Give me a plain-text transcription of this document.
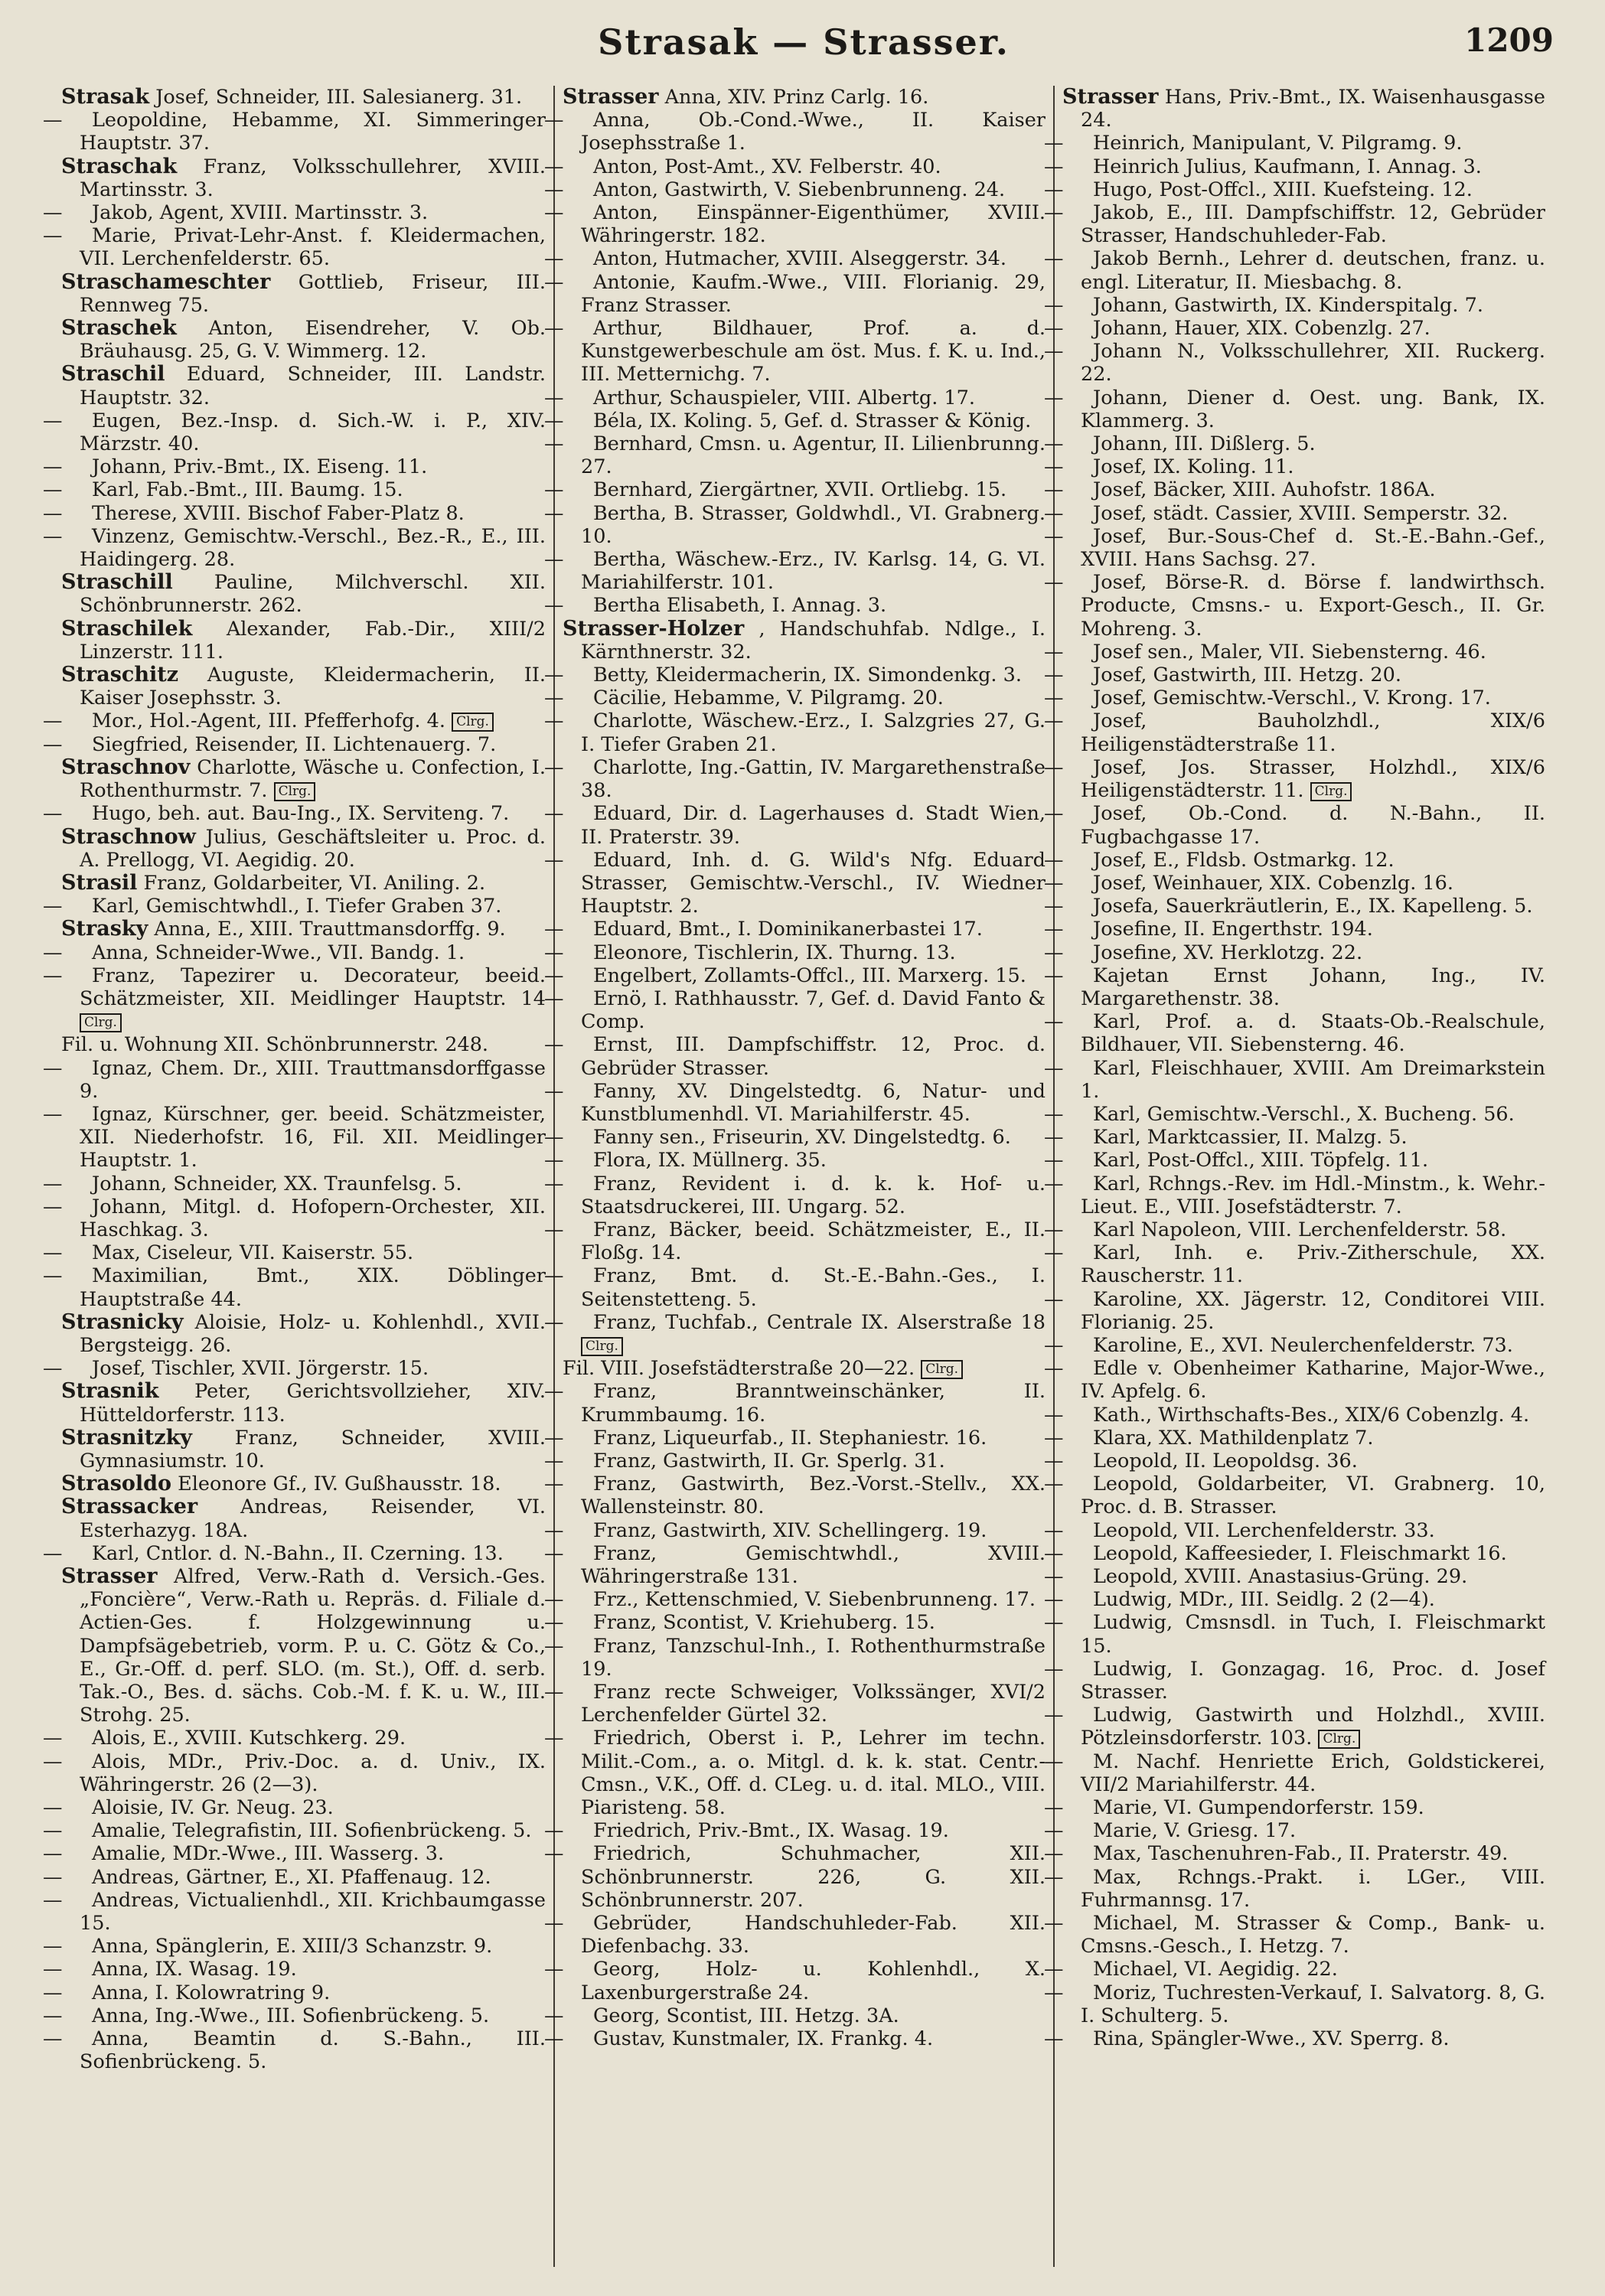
Strasak — Strasser.	1209
Strasak Josef, Schneider, III. Salesianerg. 31.
— Leopoldine, Hebamme, XI. Simmeringer Hauptstr. 37.
Straschak Franz, Volksschullehrer, XVIII. Martinsstr. 3.
— Jakob, Agent, XVIII. Martinsstr. 3.
— Marie, Privat-Lehr-Anst. f. Kleidermachen, VII. Lerchenfelderstr. 65.
Straschameschter Gottlieb, Friseur, III. Rennweg 75.
Straschek Anton, Eisendreher, V. Ob. Bräuhausg. 25, G. V. Wimmerg. 12.
Straschil Eduard, Schneider, III. Landstr. Hauptstr. 32.
— Eugen, Bez.-Insp. d. Sich.-W. i. P., XIV. Märzstr. 40.
— Johann, Priv.-Bmt., IX. Eiseng. 11.
— Karl, Fab.-Bmt., III. Baumg. 15.
— Therese, XVIII. Bischof Faber-Platz 8.
— Vinzenz, Gemischtw.-Verschl., Bez.-R., E., III. Haidingerg. 28.
Straschill Pauline, Milchverschl. XII. Schönbrunnerstr. 262.
Straschilek Alexander, Fab.-Dir., XIII/2 Linzerstr. 111.
Straschitz Auguste, Kleidermacherin, II. Kaiser Josephsstr. 3.
— Mor., Hol.-Agent, III. Pfefferhofg. 4. Clrg.
— Siegfried, Reisender, II. Lichtenauerg. 7.
Straschnov Charlotte, Wäsche u. Confection, I. Rothenthurmstr. 7. Clrg.
— Hugo, beh. aut. Bau-Ing., IX. Serviteng. 7.
Straschnow Julius, Geschäftsleiter u. Proc. d. A. Prellogg, VI. Aegidig. 20.
Strasil Franz, Goldarbeiter, VI. Aniling. 2.
— Karl, Gemischtwhdl., I. Tiefer Graben 37.
Strasky Anna, E., XIII. Trauttmansdorffg. 9.
— Anna, Schneider-Wwe., VII. Bandg. 1.
— Franz, Tapezirer u. Decorateur, beeid. Schätzmeister, XII. Meidlinger Hauptstr. 14 Clrg.
Fil. u. Wohnung XII. Schönbrunnerstr. 248.
— Ignaz, Chem. Dr., XIII. Trauttmansdorffgasse 9.
— Ignaz, Kürschner, ger. beeid. Schätzmeister, XII. Niederhofstr. 16, Fil. XII. Meidlinger Hauptstr. 1.
— Johann, Schneider, XX. Traunfelsg. 5.
— Johann, Mitgl. d. Hofopern-Orchester, XII. Haschkag. 3.
— Max, Ciseleur, VII. Kaiserstr. 55.
— Maximilian, Bmt., XIX. Döblinger Hauptstraße 44.
Strasnicky Aloisie, Holz- u. Kohlenhdl., XVII. Bergsteigg. 26.
— Josef, Tischler, XVII. Jörgerstr. 15.
Strasnik Peter, Gerichtsvollzieher, XIV. Hütteldorferstr. 113.
Strasnitzky Franz, Schneider, XVIII. Gymnasiumstr. 10.
Strasoldo Eleonore Gf., IV. Gußhausstr. 18.
Strassacker Andreas, Reisender, VI. Esterhazyg. 18A.
— Karl, Cntlor. d. N.-Bahn., II. Czerning. 13.
Strasser Alfred, Verw.-Rath d. Versich.-Ges. „Foncière“, Verw.-Rath u. Repräs. d. Filiale d. Actien-Ges. f. Holzgewinnung u. Dampfsägebetrieb, vorm. P. u. C. Götz & Co., E., Gr.-Off. d. perf. SLO. (m. St.), Off. d. serb. Tak.-O., Bes. d. sächs. Cob.-M. f. K. u. W., III. Strohg. 25.
— Alois, E., XVIII. Kutschkerg. 29.
— Alois, MDr., Priv.-Doc. a. d. Univ., IX. Währingerstr. 26 (2—3).
— Aloisie, IV. Gr. Neug. 23.
— Amalie, Telegrafistin, III. Sofienbrückeng. 5.
— Amalie, MDr.-Wwe., III. Wasserg. 3.
— Andreas, Gärtner, E., XI. Pfaffenaug. 12.
— Andreas, Victualienhdl., XII. Krichbaumgasse 15.
— Anna, Spänglerin, E. XIII/3 Schanzstr. 9.
— Anna, IX. Wasag. 19.
— Anna, I. Kolowratring 9.
— Anna, Ing.-Wwe., III. Sofienbrückeng. 5.
— Anna, Beamtin d. S.-Bahn., III. Sofienbrückeng. 5.
Strasser Anna, XIV. Prinz Carlg. 16.
— Anna, Ob.-Cond.-Wwe., II. Kaiser Josephsstraße 1.
— Anton, Post-Amt., XV. Felberstr. 40.
— Anton, Gastwirth, V. Siebenbrunneng. 24.
— Anton, Einspänner-Eigenthümer, XVIII. Währingerstr. 182.
— Anton, Hutmacher, XVIII. Alseggerstr. 34.
— Antonie, Kaufm.-Wwe., VIII. Florianig. 29, Franz Strasser.
— Arthur, Bildhauer, Prof. a. d. Kunstgewerbeschule am öst. Mus. f. K. u. Ind., III. Metternichg. 7.
— Arthur, Schauspieler, VIII. Albertg. 17.
— Béla, IX. Koling. 5, Gef. d. Strasser & König.
— Bernhard, Cmsn. u. Agentur, II. Lilienbrunng. 27.
— Bernhard, Ziergärtner, XVII. Ortliebg. 15.
— Bertha, B. Strasser, Goldwhdl., VI. Grabnerg. 10.
— Bertha, Wäschew.-Erz., IV. Karlsg. 14, G. VI. Mariahilferstr. 101.
— Bertha Elisabeth, I. Annag. 3.
Strasser-Holzer , Handschuhfab. Ndlge., I. Kärnthnerstr. 32.
— Betty, Kleidermacherin, IX. Simondenkg. 3.
— Cäcilie, Hebamme, V. Pilgramg. 20.
— Charlotte, Wäschew.-Erz., I. Salzgries 27, G. I. Tiefer Graben 21.
— Charlotte, Ing.-Gattin, IV. Margarethenstraße 38.
— Eduard, Dir. d. Lagerhauses d. Stadt Wien, II. Praterstr. 39.
— Eduard, Inh. d. G. Wild's Nfg. Eduard Strasser, Gemischtw.-Verschl., IV. Wiedner Hauptstr. 2.
— Eduard, Bmt., I. Dominikanerbastei 17.
— Eleonore, Tischlerin, IX. Thurng. 13.
— Engelbert, Zollamts-Offcl., III. Marxerg. 15.
— Ernö, I. Rathhausstr. 7, Gef. d. David Fanto & Comp.
— Ernst, III. Dampfschiffstr. 12, Proc. d. Gebrüder Strasser.
— Fanny, XV. Dingelstedtg. 6, Natur- und Kunstblumenhdl. VI. Mariahilferstr. 45.
— Fanny sen., Friseurin, XV. Dingelstedtg. 6.
— Flora, IX. Müllnerg. 35.
— Franz, Revident i. d. k. k. Hof- u. Staatsdruckerei, III. Ungarg. 52.
— Franz, Bäcker, beeid. Schätzmeister, E., II. Floßg. 14.
— Franz, Bmt. d. St.-E.-Bahn.-Ges., I. Seitenstetteng. 5.
— Franz, Tuchfab., Centrale IX. Alserstraße 18 Clrg.
Fil. VIII. Josefstädterstraße 20—22. Clrg.
— Franz, Branntweinschänker, II. Krummbaumg. 16.
— Franz, Liqueurfab., II. Stephaniestr. 16.
— Franz, Gastwirth, II. Gr. Sperlg. 31.
— Franz, Gastwirth, Bez.-Vorst.-Stellv., XX. Wallensteinstr. 80.
— Franz, Gastwirth, XIV. Schellingerg. 19.
— Franz, Gemischtwhdl., XVIII. Währingerstraße 131.
— Frz., Kettenschmied, V. Siebenbrunneng. 17.
— Franz, Scontist, V. Kriehuberg. 15.
— Franz, Tanzschul-Inh., I. Rothenthurmstraße 19.
— Franz recte Schweiger, Volkssänger, XVI/2 Lerchenfelder Gürtel 32.
— Friedrich, Oberst i. P., Lehrer im techn. Milit.-Com., a. o. Mitgl. d. k. k. stat. Centr.-Cmsn., V.K., Off. d. CLeg. u. d. ital. MLO., VIII. Piaristeng. 58.
— Friedrich, Priv.-Bmt., IX. Wasag. 19.
— Friedrich, Schuhmacher, XII. Schönbrunnerstr. 226, G. XII. Schönbrunnerstr. 207.
— Gebrüder, Handschuhleder-Fab. XII. Diefenbachg. 33.
— Georg, Holz- u. Kohlenhdl., X. Laxenburgerstraße 24.
— Georg, Scontist, III. Hetzg. 3A.
— Gustav, Kunstmaler, IX. Frankg. 4.
Strasser Hans, Priv.-Bmt., IX. Waisenhausgasse 24.
— Heinrich, Manipulant, V. Pilgramg. 9.
— Heinrich Julius, Kaufmann, I. Annag. 3.
— Hugo, Post-Offcl., XIII. Kuefsteing. 12.
— Jakob, E., III. Dampfschiffstr. 12, Gebrüder Strasser, Handschuhleder-Fab.
— Jakob Bernh., Lehrer d. deutschen, franz. u. engl. Literatur, II. Miesbachg. 8.
— Johann, Gastwirth, IX. Kinderspitalg. 7.
— Johann, Hauer, XIX. Cobenzlg. 27.
— Johann N., Volksschullehrer, XII. Ruckerg. 22.
— Johann, Diener d. Oest. ung. Bank, IX. Klammerg. 3.
— Johann, III. Dißlerg. 5.
— Josef, IX. Koling. 11.
— Josef, Bäcker, XIII. Auhofstr. 186A.
— Josef, städt. Cassier, XVIII. Semperstr. 32.
— Josef, Bur.-Sous-Chef d. St.-E.-Bahn.-Gef., XVIII. Hans Sachsg. 27.
— Josef, Börse-R. d. Börse f. landwirthsch. Producte, Cmsns.- u. Export-Gesch., II. Gr. Mohreng. 3.
— Josef sen., Maler, VII. Siebensterng. 46.
— Josef, Gastwirth, III. Hetzg. 20.
— Josef, Gemischtw.-Verschl., V. Krong. 17.
— Josef, Bauholzhdl., XIX/6 Heiligenstädterstraße 11.
— Josef, Jos. Strasser, Holzhdl., XIX/6 Heiligenstädterstr. 11. Clrg.
— Josef, Ob.-Cond. d. N.-Bahn., II. Fugbachgasse 17.
— Josef, E., Fldsb. Ostmarkg. 12.
— Josef, Weinhauer, XIX. Cobenzlg. 16.
— Josefa, Sauerkräutlerin, E., IX. Kapelleng. 5.
— Josefine, II. Engerthstr. 194.
— Josefine, XV. Herklotzg. 22.
— Kajetan Ernst Johann, Ing., IV. Margarethenstr. 38.
— Karl, Prof. a. d. Staats-Ob.-Realschule, Bildhauer, VII. Siebensterng. 46.
— Karl, Fleischhauer, XVIII. Am Dreimarkstein 1.
— Karl, Gemischtw.-Verschl., X. Bucheng. 56.
— Karl, Marktcassier, II. Malzg. 5.
— Karl, Post-Offcl., XIII. Töpfelg. 11.
— Karl, Rchngs.-Rev. im Hdl.-Minstm., k. Wehr.-Lieut. E., VIII. Josefstädterstr. 7.
— Karl Napoleon, VIII. Lerchenfelderstr. 58.
— Karl, Inh. e. Priv.-Zitherschule, XX. Rauscherstr. 11.
— Karoline, XX. Jägerstr. 12, Conditorei VIII. Florianig. 25.
— Karoline, E., XVI. Neulerchenfelderstr. 73.
— Edle v. Obenheimer Katharine, Major-Wwe., IV. Apfelg. 6.
— Kath., Wirthschafts-Bes., XIX/6 Cobenzlg. 4.
— Klara, XX. Mathildenplatz 7.
— Leopold, II. Leopoldsg. 36.
— Leopold, Goldarbeiter, VI. Grabnerg. 10, Proc. d. B. Strasser.
— Leopold, VII. Lerchenfelderstr. 33.
— Leopold, Kaffeesieder, I. Fleischmarkt 16.
— Leopold, XVIII. Anastasius-Grüng. 29.
— Ludwig, MDr., III. Seidlg. 2 (2—4).
— Ludwig, Cmsnsdl. in Tuch, I. Fleischmarkt 15.
— Ludwig, I. Gonzagag. 16, Proc. d. Josef Strasser.
— Ludwig, Gastwirth und Holzhdl., XVIII. Pötzleinsdorferstr. 103. Clrg.
— M. Nachf. Henriette Erich, Goldstickerei, VII/2 Mariahilferstr. 44.
— Marie, VI. Gumpendorferstr. 159.
— Marie, V. Griesg. 17.
— Max, Taschenuhren-Fab., II. Praterstr. 49.
— Max, Rchngs.-Prakt. i. LGer., VIII. Fuhrmannsg. 17.
— Michael, M. Strasser & Comp., Bank- u. Cmsns.-Gesch., I. Hetzg. 7.
— Michael, VI. Aegidig. 22.
— Moriz, Tuchresten-Verkauf, I. Salvatorg. 8, G. I. Schulterg. 5.
— Rina, Spängler-Wwe., XV. Sperrg. 8.
